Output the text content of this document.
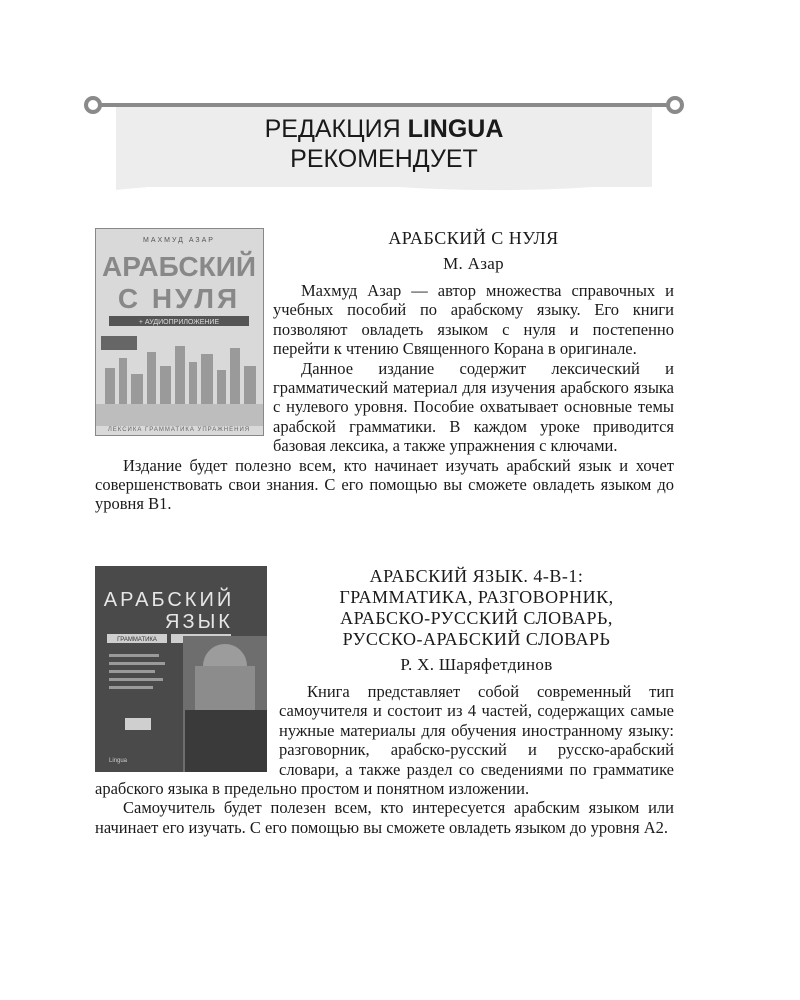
РЕДАКЦИЯ LINGUA
РЕКОМЕНДУЕТ
МАХМУД АЗАР
АРАБСКИЙ
С НУЛЯ
+ АУДИОПРИЛОЖЕНИЕ
ЛЕКСИКА ГРАММАТИКА УПРАЖНЕНИЯ
АРАБСКИЙ С НУЛЯ
М. Азар

Махмуд Азар — автор множества справочных и учебных пособий по арабскому языку. Его книги позволяют овладеть языком с нуля и постепенно перейти к чтению Священного Корана в оригинале.

Данное издание содержит лексический и грамматический материал для изучения арабского языка с нулевого уровня. Пособие охватывает основные темы арабской грамматики. В каждом уроке приводится базовая лексика, а также упражнения с ключами.

Издание будет полезно всем, кто начинает изучать арабский язык и хочет совершенствовать свои знания. С его помощью вы сможете овладеть языком до уровня B1.

АРАБСКИЙ
ЯЗЫК
ГРАММАТИКА
Lingua
АРАБСКИЙ ЯЗЫК. 4-В-1:
ГРАММАТИКА, РАЗГОВОРНИК,
АРАБСКО-РУССКИЙ СЛОВАРЬ,
РУССКО-АРАБСКИЙ СЛОВАРЬ
Р. Х. Шаряфетдинов

Книга представляет собой современный тип самоучителя и состоит из 4 частей, содержащих самые нужные материалы для обучения иностранному языку: разговорник, арабско-русский и русско-арабский словари, а также раздел со сведениями по грамматике арабского языка в предельно простом и понятном изложении.

Самоучитель будет полезен всем, кто интересуется арабским языком или начинает его изучать. С его помощью вы сможете овладеть языком до уровня A2.
